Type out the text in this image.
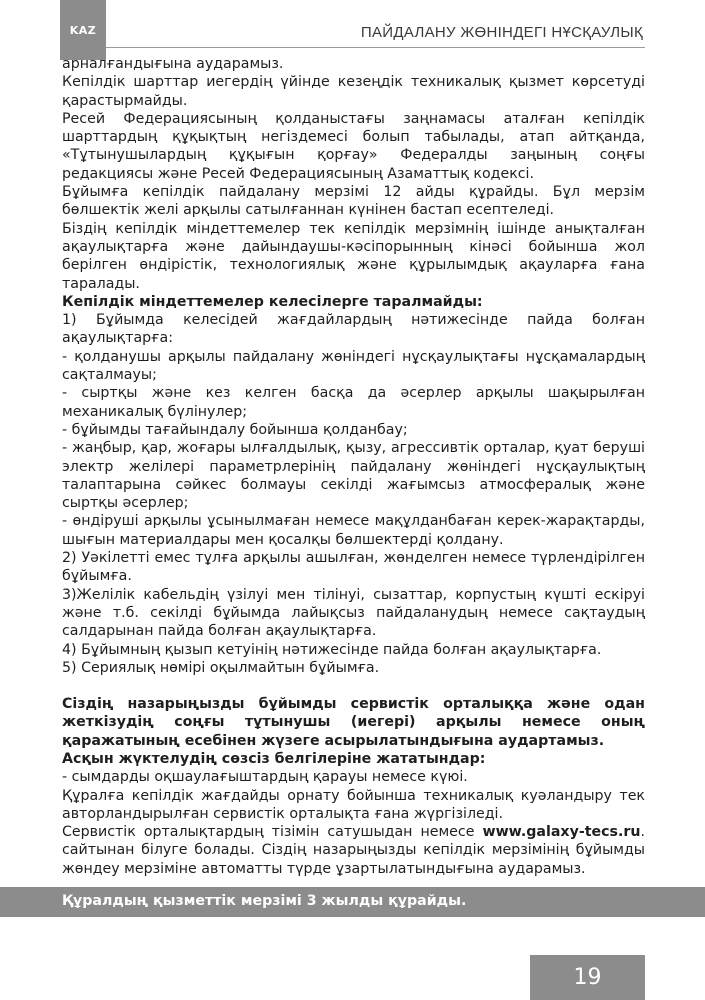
KAZ	ПАЙДАЛАНУ ЖӨНІНДЕГІ НҰСҚАУЛЫҚ

арналғандығына аударамыз.

Кепілдік шарттар иегердің үйінде кезеңдік техникалық қызмет көрсетуді қарастырмайды.

Ресей Федерациясының қолданыстағы заңнамасы аталған кепілдік шарттардың құқықтың негіздемесі болып табылады, атап айтқанда, «Тұтынушылардың құқығын қорғау» Федералды заңының соңғы редакциясы және Ресей Федерациясының Азаматтық кодексі.

Бұйымға кепілдік пайдалану мерзімі 12 айды құрайды. Бұл мерзім бөлшектік желі арқылы сатылғаннан күнінен бастап есептеледі.

Біздің кепілдік міндеттемелер тек кепілдік мерзімнің ішінде анықталған ақаулықтарға және дайындаушы-кәсіпорынның кінәсі бойынша жол берілген өндірістік, технологиялық және құрылымдық ақауларға ғана таралады.

Кепілдік міндеттемелер келесілерге таралмайды:

1) Бұйымда келесідей жағдайлардың нәтижесінде пайда болған ақаулықтарға:

- қолданушы арқылы пайдалану жөніндегі нұсқаулықтағы нұсқамалардың сақталмауы;

- сыртқы және кез келген басқа да әсерлер арқылы шақырылған механикалық бүлінулер;

- бұйымды тағайындалу бойынша қолданбау;

- жаңбыр, қар, жоғары ылғалдылық, қызу, агрессивтік орталар, қуат беруші электр желілері параметрлерінің пайдалану жөніндегі нұсқаулықтың талаптарына сәйкес болмауы секілді жағымсыз атмосфералық және сыртқы әсерлер;

- өндіруші арқылы ұсынылмаған немесе мақұлданбаған керек-жарақтарды, шығын материалдары мен қосалқы бөлшектерді қолдану.

2) Уәкілетті емес тұлға арқылы ашылған, жөнделген немесе түрлендірілген бұйымға.

3)Желілік кабельдің үзілуі мен тілінуі, сызаттар, корпустың күшті ескіруі және т.б. секілді бұйымда лайықсыз пайдаланудың немесе сақтаудың салдарынан пайда болған ақаулықтарға.

4) Бұйымның қызып кетуінің нәтижесінде пайда болған ақаулықтарға.

5) Сериялық нөмірі оқылмайтын бұйымға.

Сіздің назарыңызды бұйымды сервистік орталыққа және одан жеткізудің соңғы тұтынушы (иегері) арқылы немесе оның қаражатының есебінен жүзеге асырылатындығына аудартамыз.

Асқын жүктелудің сөзсіз белгілеріне жататындар:

- сымдарды оқшаулағыштардың қарауы немесе күюі.

Құралға кепілдік жағдайды орнату бойынша техникалық куәландыру тек авторландырылған сервистік орталықта ғана жүргізіледі.

Сервистік орталықтардың тізімін сатушыдан немесе www.galaxy-tecs.ru. сайтынан білуге болады. Сіздің назарыңызды кепілдік мерзімінің бұйымды жөндеу мерзіміне автоматты түрде ұзартылатындығына аударамыз.

Құралдың қызметтік мерзімі 3 жылды құрайды.
19
